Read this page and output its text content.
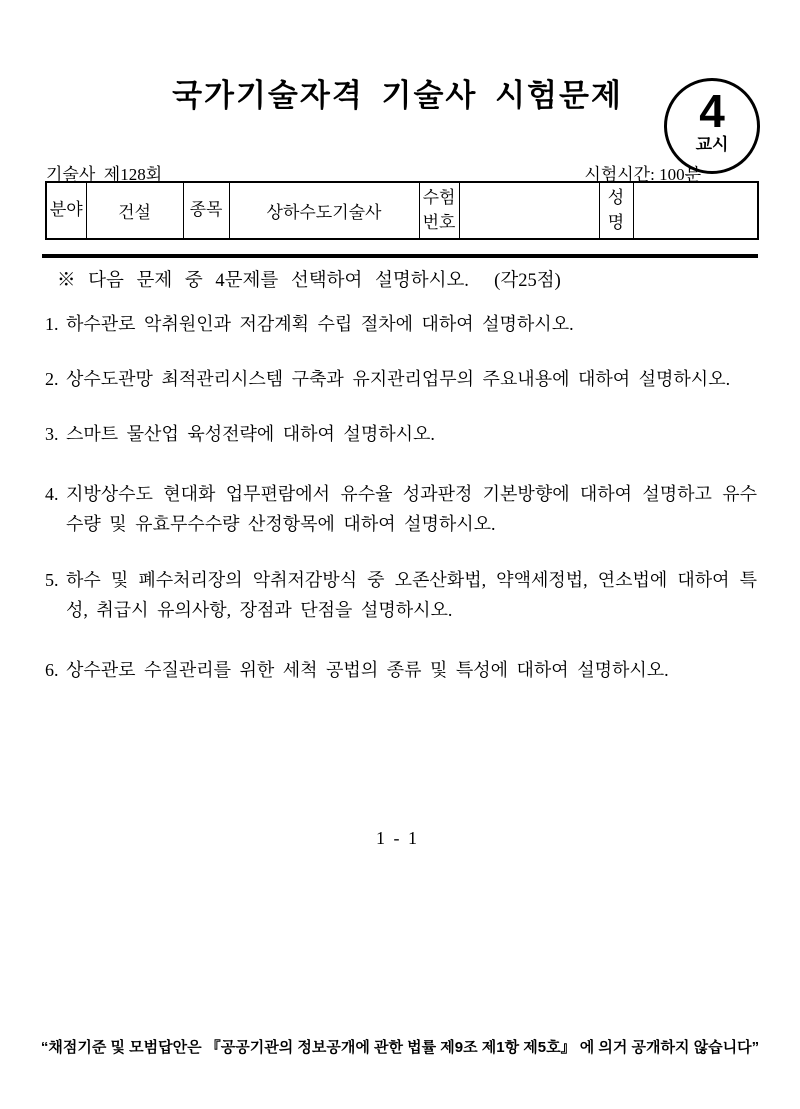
국가기술자격 기술사 시험문제	4
교시
기술사  제128회	시험시간: 100분
분야	건설	종목	상하수도기술사	수험번호		성명	
※ 다음 문제 중 4문제를 선택하여 설명하시오.  (각25점)
1. 하수관로 악취원인과 저감계획 수립 절차에 대하여 설명하시오.
2. 상수도관망 최적관리시스템 구축과 유지관리업무의 주요내용에 대하여 설명하시오.
3. 스마트 물산업 육성전략에 대하여 설명하시오.
4. 지방상수도 현대화 업무편람에서 유수율 성과판정 기본방향에 대하여 설명하고 유수수량 및 유효무수수량 산정항목에 대하여 설명하시오.
5. 하수 및 폐수처리장의 악취저감방식 중 오존산화법, 약액세정법, 연소법에 대하여 특성, 취급시 유의사항, 장점과 단점을 설명하시오.
6. 상수관로 수질관리를 위한 세척 공법의 종류 및 특성에 대하여 설명하시오.
1 - 1
“채점기준 및 모범답안은 『공공기관의 정보공개에 관한 법률 제9조 제1항 제5호』 에 의거 공개하지 않습니다”
